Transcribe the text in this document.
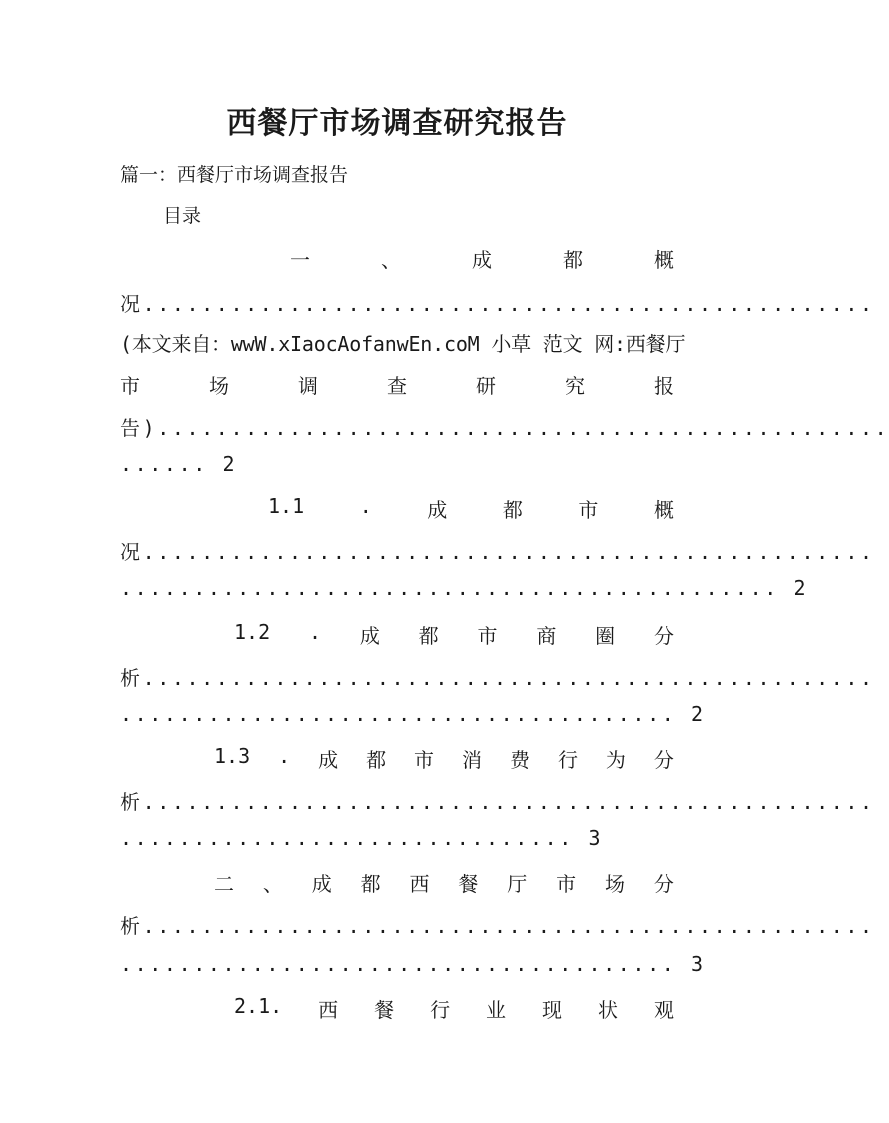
西餐厅市场调查研究报告
篇一：西餐厅市场调查报告
目录
一	、	成	都	概
况..................................................
(本文来自：wwW.xIaocAofanwEn.coM 小草 范文 网:西餐厅
市	场	调	查	研	究	报
告)..................................................
...... 2
1.1	.	成	都	市	概
况..................................................
............................................. 2
1.2 . 成 都 市 商 圈 分
析..................................................
...................................... 2
1.3 . 成 都 市 消 费 行 为 分
析..................................................
............................... 3
二 、 成 都 西 餐 厅 市 场 分
析..................................................
...................................... 3
2.1. 西 餐 行 业 现 状 观
